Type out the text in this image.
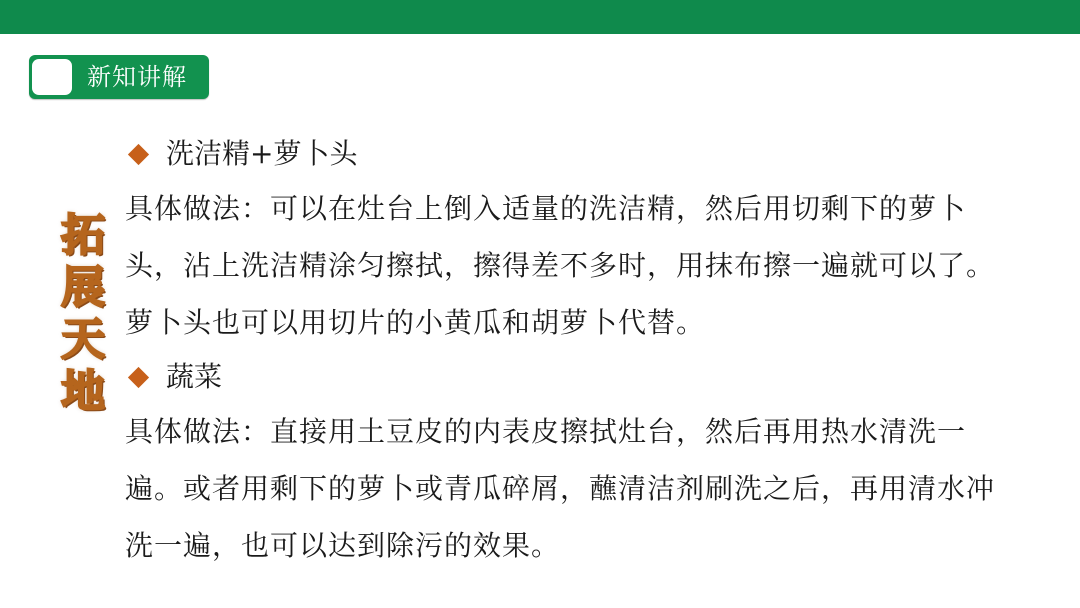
新知讲解
拓
展
天
地
洗洁精+萝卜头

具体做法：可以在灶台上倒入适量的洗洁精，然后用切剩下的萝卜头，沾上洗洁精涂匀擦拭，擦得差不多时，用抹布擦一遍就可以了。萝卜头也可以用切片的小黄瓜和胡萝卜代替。

蔬菜

具体做法：直接用土豆皮的内表皮擦拭灶台，然后再用热水清洗一遍。或者用剩下的萝卜或青瓜碎屑，蘸清洁剂刷洗之后，再用清水冲洗一遍，也可以达到除污的效果。
